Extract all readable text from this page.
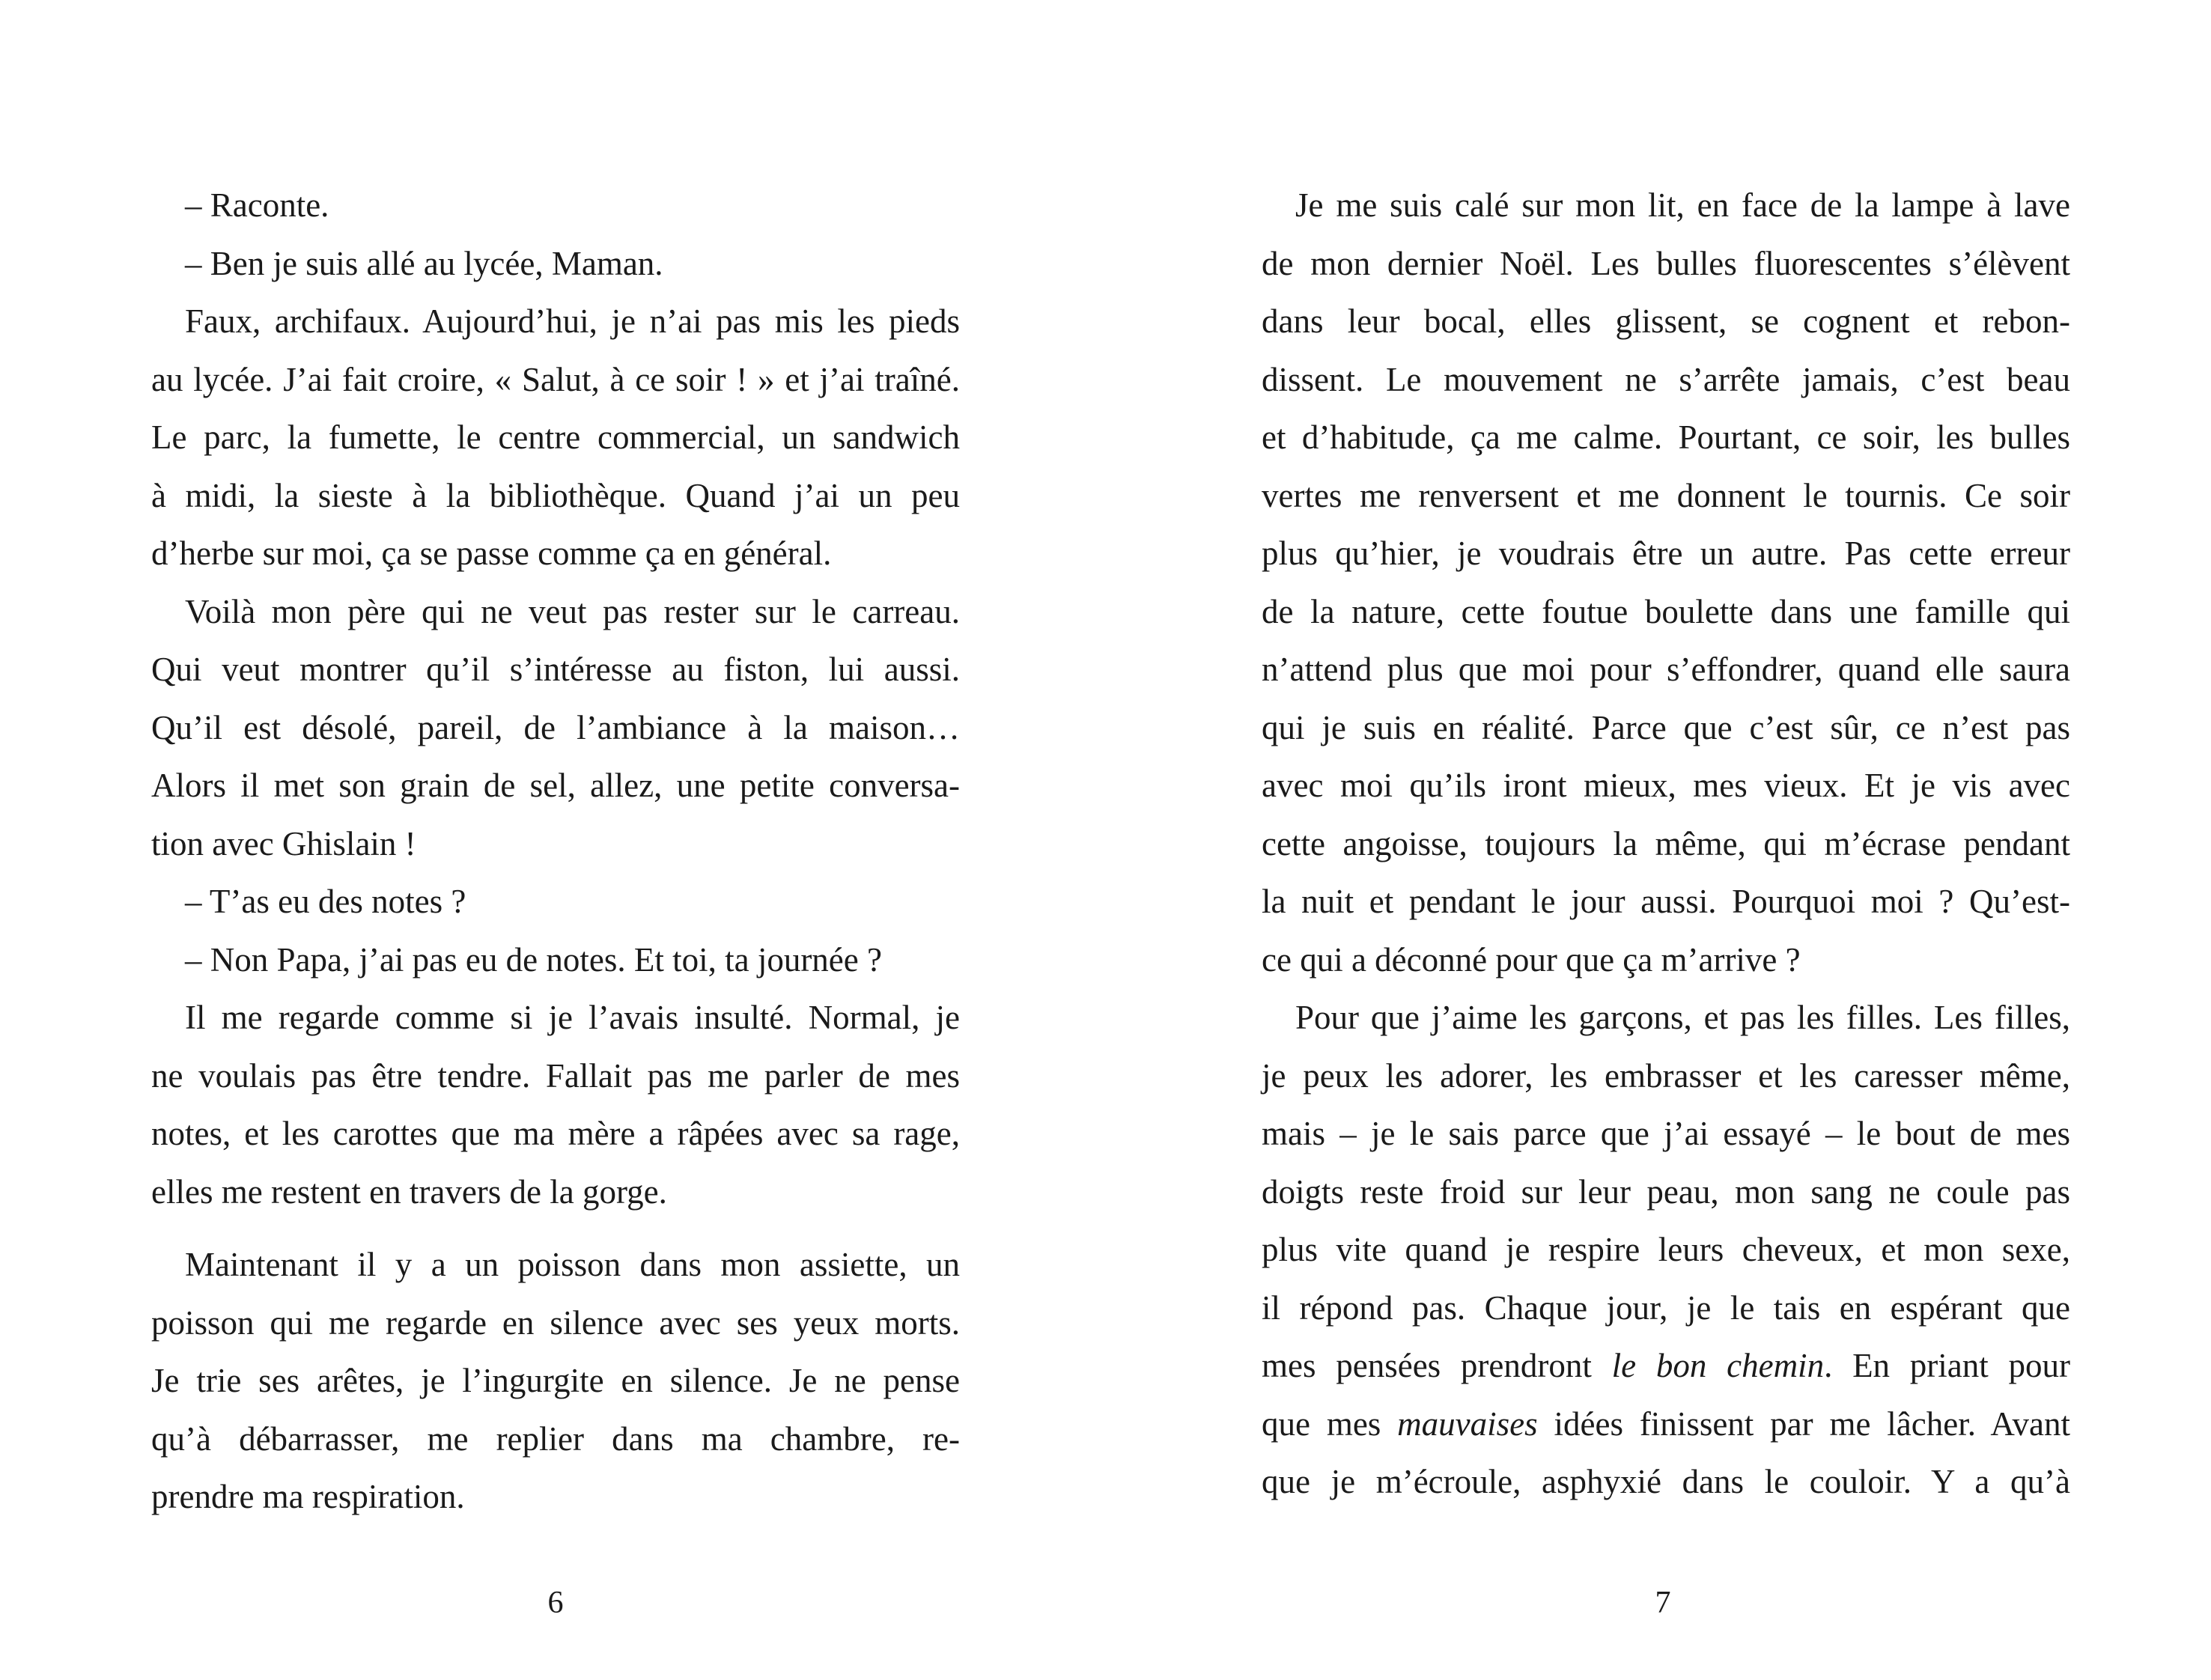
– Raconte.
– Ben je suis allé au lycée, Maman.
Faux, archifaux. Aujourd’hui, je n’ai pas mis les pieds
au lycée. J’ai fait croire, « Salut, à ce soir ! » et j’ai traîné.
Le parc, la fumette, le centre commercial, un sandwich
à midi, la sieste à la bibliothèque. Quand j’ai un peu
d’herbe sur moi, ça se passe comme ça en général.
Voilà mon père qui ne veut pas rester sur le carreau.
Qui veut montrer qu’il s’intéresse au fiston, lui aussi.
Qu’il est désolé, pareil, de l’ambiance à la maison…
Alors il met son grain de sel, allez, une petite conversa-
tion avec Ghislain !
– T’as eu des notes ?
– Non Papa, j’ai pas eu de notes. Et toi, ta journée ?
Il me regarde comme si je l’avais insulté. Normal, je
ne voulais pas être tendre. Fallait pas me parler de mes
notes, et les carottes que ma mère a râpées avec sa rage,
elles me restent en travers de la gorge.
Maintenant il y a un poisson dans mon assiette, un
poisson qui me regarde en silence avec ses yeux morts.
Je trie ses arêtes, je l’ingurgite en silence. Je ne pense
qu’à débarrasser, me replier dans ma chambre, re-
prendre ma respiration.
6
Je me suis calé sur mon lit, en face de la lampe à lave
de mon dernier Noël. Les bulles fluorescentes s’élèvent
dans leur bocal, elles glissent, se cognent et rebon-
dissent. Le mouvement ne s’arrête jamais, c’est beau
et d’habitude, ça me calme. Pourtant, ce soir, les bulles
vertes me renversent et me donnent le tournis. Ce soir
plus qu’hier, je voudrais être un autre. Pas cette erreur
de la nature, cette foutue boulette dans une famille qui
n’attend plus que moi pour s’effondrer, quand elle saura
qui je suis en réalité. Parce que c’est sûr, ce n’est pas
avec moi qu’ils iront mieux, mes vieux. Et je vis avec
cette angoisse, toujours la même, qui m’écrase pendant
la nuit et pendant le jour aussi. Pourquoi moi ? Qu’est-
ce qui a déconné pour que ça m’arrive ?
Pour que j’aime les garçons, et pas les filles. Les filles,
je peux les adorer, les embrasser et les caresser même,
mais – je le sais parce que j’ai essayé – le bout de mes
doigts reste froid sur leur peau, mon sang ne coule pas
plus vite quand je respire leurs cheveux, et mon sexe,
il répond pas. Chaque jour, je le tais en espérant que
mes pensées prendront le bon chemin. En priant pour
que mes mauvaises idées finissent par me lâcher. Avant
que je m’écroule, asphyxié dans le couloir. Y a qu’à
7
